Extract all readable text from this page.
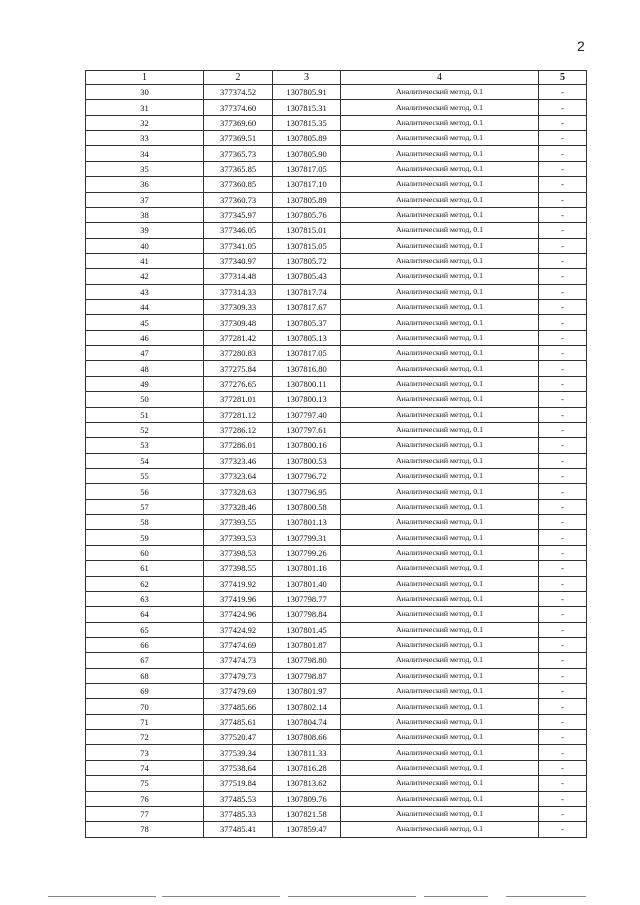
2
1	2	3	4	5
30	377374.52	1307805.91	Аналитический метод, 0.1	-
31	377374.60	1307815.31	Аналитический метод, 0.1	-
32	377369.60	1307815.35	Аналитический метод, 0.1	-
33	377369.51	1307805.89	Аналитический метод, 0.1	-
34	377365.73	1307805.90	Аналитический метод, 0.1	-
35	377365.85	1307817.05	Аналитический метод, 0.1	-
36	377360.85	1307817.10	Аналитический метод, 0.1	-
37	377360.73	1307805.89	Аналитический метод, 0.1	-
38	377345.97	1307805.76	Аналитический метод, 0.1	-
39	377346.05	1307815.01	Аналитический метод, 0.1	-
40	377341.05	1307815.05	Аналитический метод, 0.1	-
41	377340.97	1307805.72	Аналитический метод, 0.1	-
42	377314.48	1307805.43	Аналитический метод, 0.1	-
43	377314.33	1307817.74	Аналитический метод, 0.1	-
44	377309.33	1307817.67	Аналитический метод, 0.1	-
45	377309.48	1307805.37	Аналитический метод, 0.1	-
46	377281.42	1307805.13	Аналитический метод, 0.1	-
47	377280.83	1307817.05	Аналитический метод, 0.1	-
48	377275.84	1307816.80	Аналитический метод, 0.1	-
49	377276.65	1307800.11	Аналитический метод, 0.1	-
50	377281.01	1307800.13	Аналитический метод, 0.1	-
51	377281.12	1307797.40	Аналитический метод, 0.1	-
52	377286.12	1307797.61	Аналитический метод, 0.1	-
53	377286.01	1307800.16	Аналитический метод, 0.1	-
54	377323.46	1307800.53	Аналитический метод, 0.1	-
55	377323.64	1307796.72	Аналитический метод, 0.1	-
56	377328.63	1307796.95	Аналитический метод, 0.1	-
57	377328.46	1307800.58	Аналитический метод, 0.1	-
58	377393.55	1307801.13	Аналитический метод, 0.1	-
59	377393.53	1307799.31	Аналитический метод, 0.1	-
60	377398.53	1307799.26	Аналитический метод, 0.1	-
61	377398.55	1307801.16	Аналитический метод, 0.1	-
62	377419.92	1307801.40	Аналитический метод, 0.1	-
63	377419.96	1307798.77	Аналитический метод, 0.1	-
64	377424.96	1307798.84	Аналитический метод, 0.1	-
65	377424.92	1307801.45	Аналитический метод, 0.1	-
66	377474.69	1307801.87	Аналитический метод, 0.1	-
67	377474.73	1307798.80	Аналитический метод, 0.1	-
68	377479.73	1307798.87	Аналитический метод, 0.1	-
69	377479.69	1307801.97	Аналитический метод, 0.1	-
70	377485.66	1307802.14	Аналитический метод, 0.1	-
71	377485.61	1307804.74	Аналитический метод, 0.1	-
72	377520.47	1307808.66	Аналитический метод, 0.1	-
73	377539.34	1307811.33	Аналитический метод, 0.1	-
74	377538.64	1307816.28	Аналитический метод, 0.1	-
75	377519.84	1307813.62	Аналитический метод, 0.1	-
76	377485.53	1307809.76	Аналитический метод, 0.1	-
77	377485.33	1307821.58	Аналитический метод, 0.1	-
78	377485.41	1307859.47	Аналитический метод, 0.1	-
